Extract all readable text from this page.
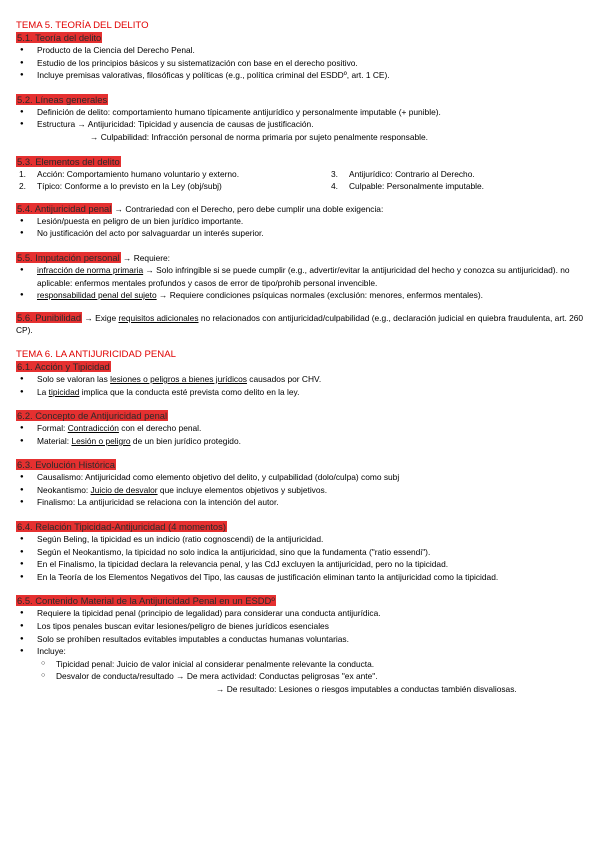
TEMA 5. TEORÍA DEL DELITO

5.1. Teoría del delito

● Producto de la Ciencia del Derecho Penal.
● Estudio de los principios básicos y su sistematización con base en el derecho positivo.
● Incluye premisas valorativas, filosóficas y políticas (e.g., política criminal del ESDDº, art. 1 CE).

5.2. Líneas generales

● Definición de delito: comportamiento humano típicamente antijurídico y personalmente imputable (+ punible).
● Estructura → Antijuricidad: Tipicidad y ausencia de causas de justificación.

→ Culpabilidad: Infracción personal de norma primaria por sujeto penalmente responsable.

5.3. Elementos del delito

1. Acción: Comportamiento humano voluntario y externo.
2. Típico: Conforme a lo previsto en la Ley (obj/subj)
3. Antijurídico: Contrario al Derecho.
4. Culpable: Personalmente imputable.

5.4. Antijuricidad penal → Contrariedad con el Derecho, pero debe cumplir una doble exigencia:

● Lesión/puesta en peligro de un bien jurídico importante.
● No justificación del acto por salvaguardar un interés superior.

5.5. Imputación personal → Requiere:

● infracción de norma primaria → Solo infringible si se puede cumplir (e.g., advertir/evitar la antijuricidad del hecho y conozca su antijuricidad). no aplicable: enfermos mentales profundos y casos de error de tipo/prohib personal invencible.
● responsabilidad penal del sujeto → Requiere condiciones psíquicas normales (exclusión: menores, enfermos mentales).

5.6. Punibilidad → Exige requisitos adicionales no relacionados con antijuricidad/culpabilidad (e.g., declaración judicial en quiebra fraudulenta, art. 260 CP).

TEMA 6. LA ANTIJURICIDAD PENAL

6.1. Acción y Tipicidad

● Solo se valoran las lesiones o peligros a bienes jurídicos causados por CHV.
● La tipicidad implica que la conducta esté prevista como delito en la ley.

6.2. Concepto de Antijuricidad penal

● Formal: Contradicción con el derecho penal.
● Material: Lesión o peligro de un bien jurídico protegido.

6.3. Evolución Histórica

● Causalismo: Antijuricidad como elemento objetivo del delito, y culpabilidad (dolo/culpa) como subj
● Neokantismo: Juicio de desvalor que incluye elementos objetivos y subjetivos.
● Finalismo: La antijuricidad se relaciona con la intención del autor.

6.4. Relación Tipicidad-Antijuricidad (4 momentos)

● Según Beling, la tipicidad es un indicio (ratio cognoscendi) de la antijuricidad.
● Según el Neokantismo, la tipicidad no solo indica la antijuricidad, sino que la fundamenta ("ratio essendi").
● En el Finalismo, la tipicidad declara la relevancia penal, y las CdJ excluyen la antijuricidad, pero no la tipicidad.
● En la Teoría de los Elementos Negativos del Tipo, las causas de justificación eliminan tanto la antijuricidad como la tipicidad.

6.5. Contenido Material de la Antijuricidad Penal en un ESDDº

● Requiere la tipicidad penal (principio de legalidad) para considerar una conducta antijurídica.
● Los tipos penales buscan evitar lesiones/peligro de bienes jurídicos esenciales
● Solo se prohíben resultados evitables imputables a conductas humanas voluntarias.
● Incluye:
○ Tipicidad penal: Juicio de valor inicial al considerar penalmente relevante la conducta.
○ Desvalor de conducta/resultado → De mera actividad: Conductas peligrosas "ex ante".

→ De resultado: Lesiones o riesgos imputables a conductas también disvaliosas.
